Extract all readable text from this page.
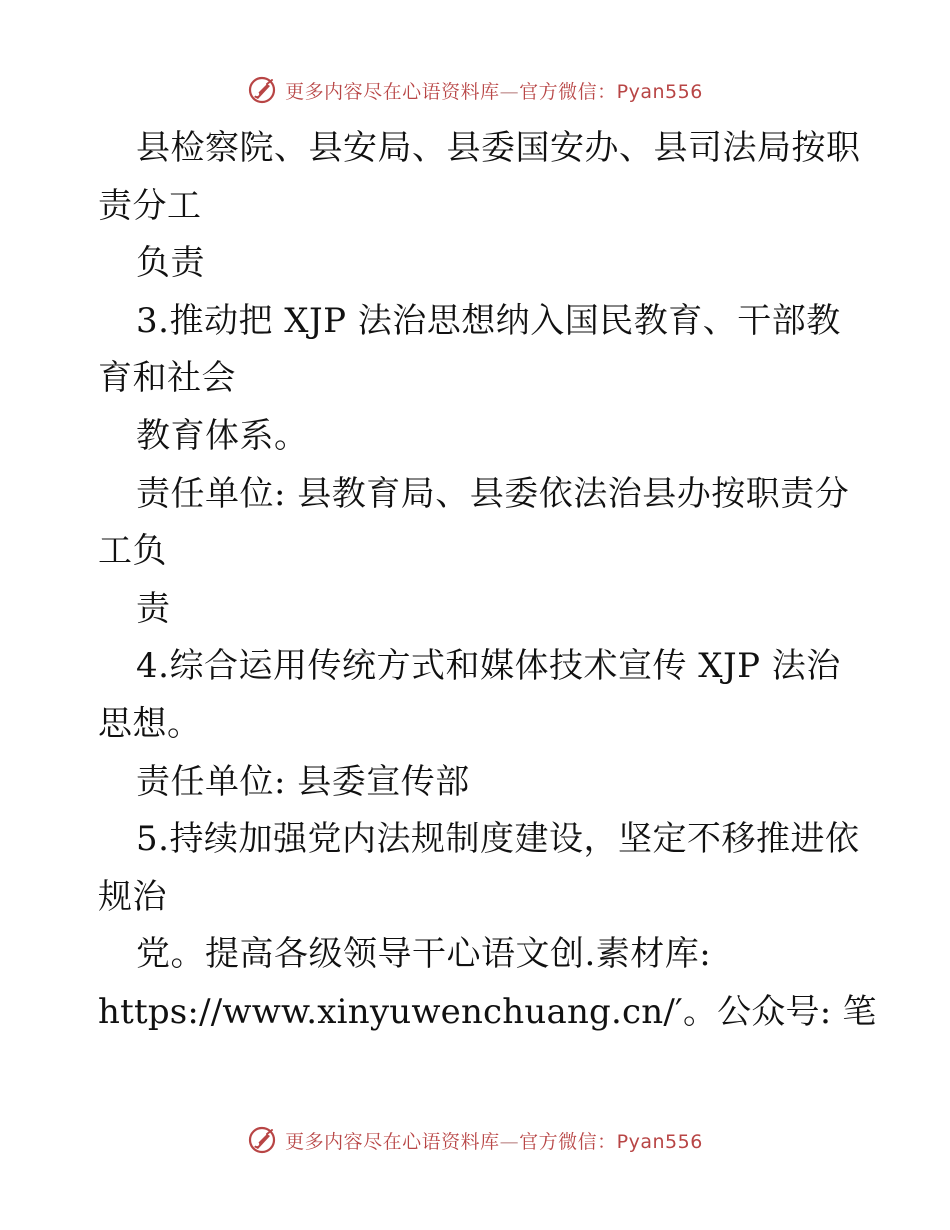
更多内容尽在心语资料库—官方微信：Pyan556
县检察院、县安局、县委国安办、县司法局按职
责分工
负责
3.推动把 XJP 法治思想纳入国民教育、干部教
育和社会
教育体系。
责任单位: 县教育局、县委依法治县办按职责分
工负
责
4.综合运用传统方式和媒体技术宣传 XJP 法治
思想。
责任单位: 县委宣传部
5.持续加强党内法规制度建设，坚定不移推进依
规治
党。提高各级领导干心语文创.素材库:
https://www.xinyuwenchuang.cn/′。公众号: 笔
更多内容尽在心语资料库—官方微信：Pyan556
